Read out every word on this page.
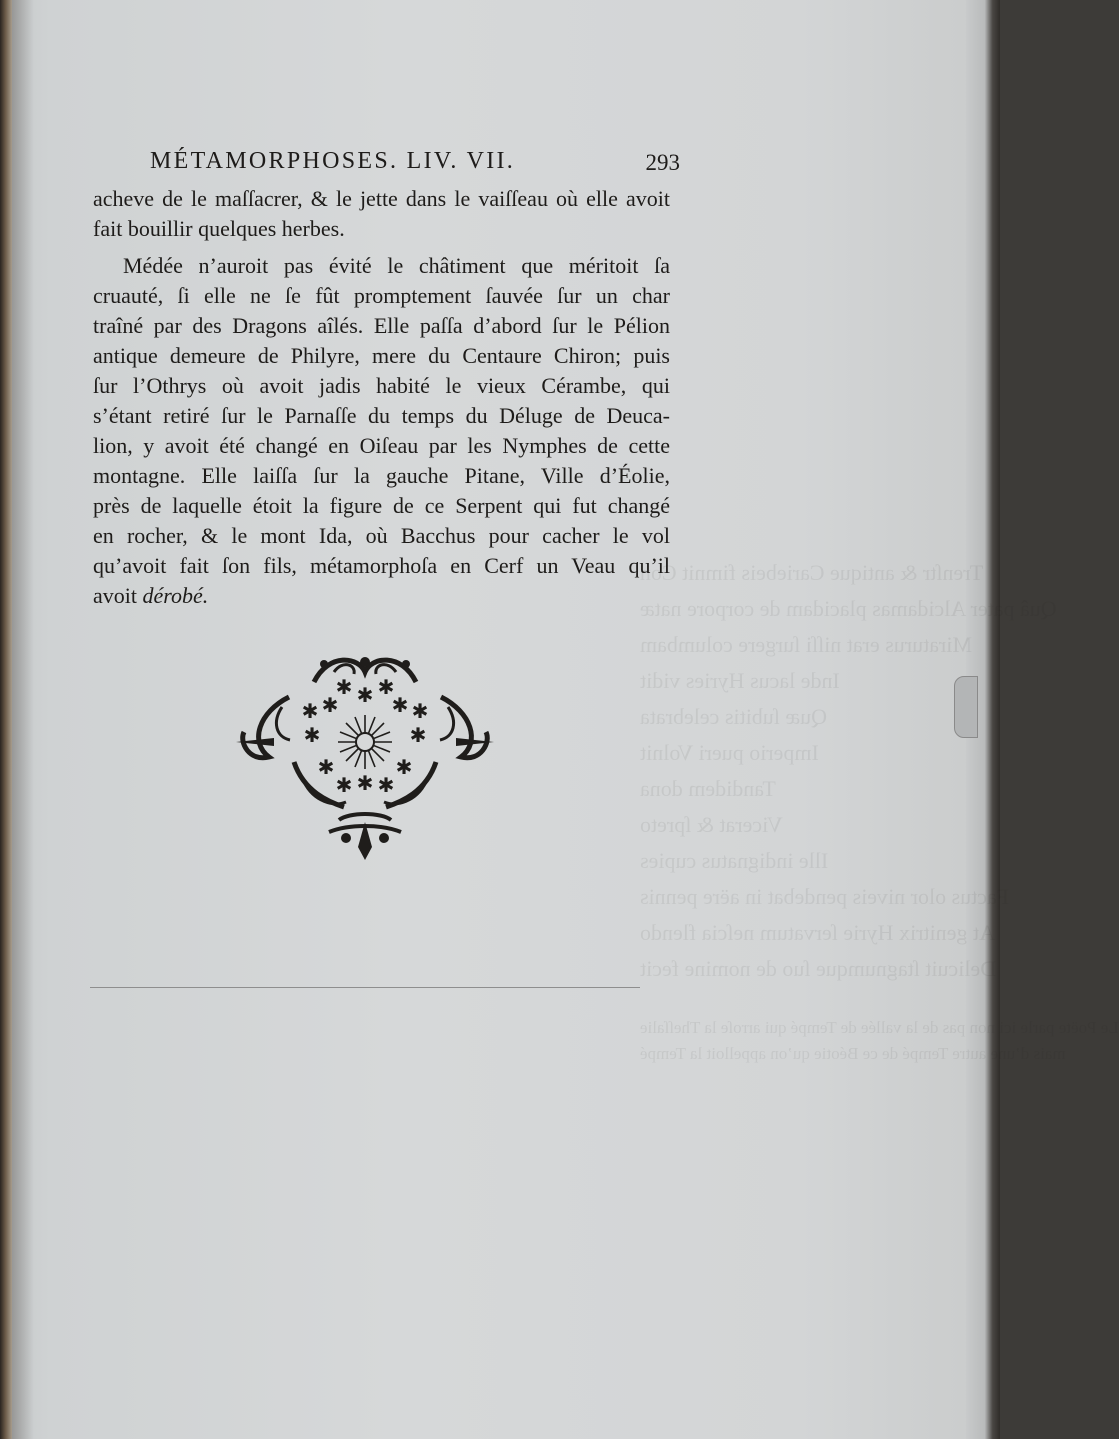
Trenſtr & antique Cariebeis fimnit Con
Quâ pater Alcidamas placidam de corpore natæ
Miraturus erat niſſi ſurgere columbam
Inde lacus Hyries vidit
Quæ ſubitis celebrata
Imperio pueri Volnit
Tandidem dona
Vicerat & ſpreto
Ille indignatus cupies
Factus olor niveis pendebat in aëre pennis
At genitrix Hyrie ſervatum neſcia flendo
Delicuit ſtagnumque ſuo de nomine fecit
Le Poëte parle ici non pas de la vallée de Tempé qui arroſe la Theſſalie
mais d’une autre Tempé de ce Béotie qu’on appelloit la Tempé
MÉTAMORPHOSES. LIV. VII.	293
acheve de le maſſacrer, & le jette dans le vaiſſeau où elle avoit
fait bouillir quelques herbes.
Médée n’auroit pas évité le châtiment que méritoit ſa
cruauté, ſi elle ne ſe fût promptement ſauvée ſur un char
traîné par des Dragons aîlés. Elle paſſa d’abord ſur le Pélion
antique demeure de Philyre, mere du Centaure Chiron; puis
ſur l’Othrys où avoit jadis habité le vieux Cérambe, qui
s’étant retiré ſur le Parnaſſe du temps du Déluge de Deuca-
lion, y avoit été changé en Oiſeau par les Nymphes de cette
montagne. Elle laiſſa ſur la gauche Pitane, Ville d’Éolie,
près de laquelle étoit la figure de ce Serpent qui fut changé
en rocher, & le mont Ida, où Bacchus pour cacher le vol
qu’avoit fait ſon fils, métamorphoſa en Cerf un Veau qu’il
avoit dérobé.
✱
✱	✱
✱	✱
✱	✱
✱
✱ ✱
✱	✱
✱ ✱
